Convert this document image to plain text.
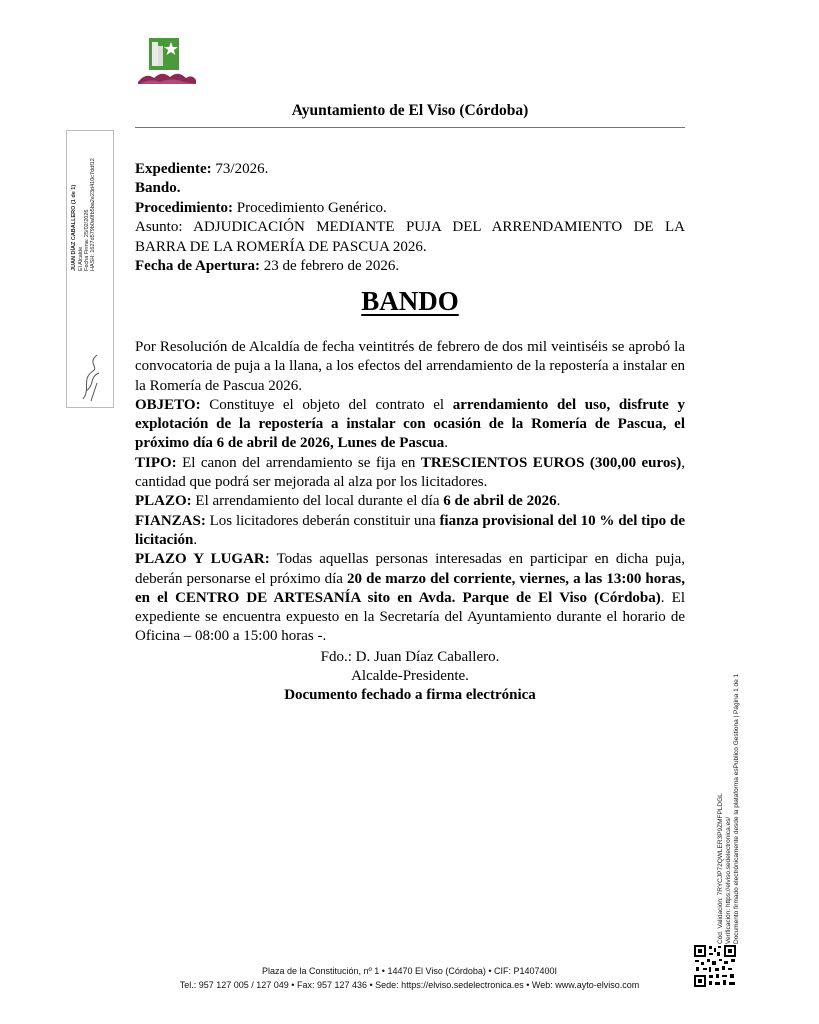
Ayuntamiento de El Viso (Córdoba)
JUAN DÍAZ CABALLERO (1 de 1) El Alcalde Fecha Firma: 25/02/2026 HASH: 1627d579b0a0fb5ba2e23d410c7ddf12	Expediente: 73/2026.

Bando.

Procedimiento: Procedimiento Genérico.

Asunto: ADJUDICACIÓN MEDIANTE PUJA DEL ARRENDAMIENTO DE LA BARRA DE LA ROMERÍA DE PASCUA 2026.

Fecha de Apertura: 23 de febrero de 2026.

BANDO

Por Resolución de Alcaldía de fecha veintitrés de febrero de dos mil veintiséis se aprobó la convocatoria de puja a la llana, a los efectos del arrendamiento de la repostería a instalar en la Romería de Pascua 2026.

OBJETO: Constituye el objeto del contrato el arrendamiento del uso, disfrute y explotación de la repostería a instalar con ocasión de la Romería de Pascua, el próximo día 6 de abril de 2026, Lunes de Pascua.

TIPO: El canon del arrendamiento se fija en TRESCIENTOS EUROS (300,00 euros), cantidad que podrá ser mejorada al alza por los licitadores.

PLAZO: El arrendamiento del local durante el día 6 de abril de 2026.

FIANZAS: Los licitadores deberán constituir una fianza provisional del 10 % del tipo de licitación.

PLAZO Y LUGAR: Todas aquellas personas interesadas en participar en dicha puja, deberán personarse el próximo día 20 de marzo del corriente, viernes, a las 13:00 horas, en el CENTRO DE ARTESANÍA sito en Avda. Parque de El Viso (Córdoba). El expediente se encuentra expuesto en la Secretaría del Ayuntamiento durante el horario de Oficina – 08:00 a 15:00 horas -.

Fdo.: D. Juan Díaz Caballero.

Alcalde-Presidente.

Documento fechado a firma electrónica

Cód. Validación: 7RYCJP72QWLER3P9ZMFPLDGL Verificación: https://elviso.sedelectronica.es/ Documento firmado electrónicamente desde la plataforma esPublico Gestiona | Página 1 de 1
Plaza de la Constitución, nº 1 • 14470 El Viso (Córdoba) • CIF: P1407400I
Tel.: 957 127 005 / 127 049 • Fax: 957 127 436 • Sede: https://elviso.sedelectronica.es • Web: www.ayto-elviso.com
